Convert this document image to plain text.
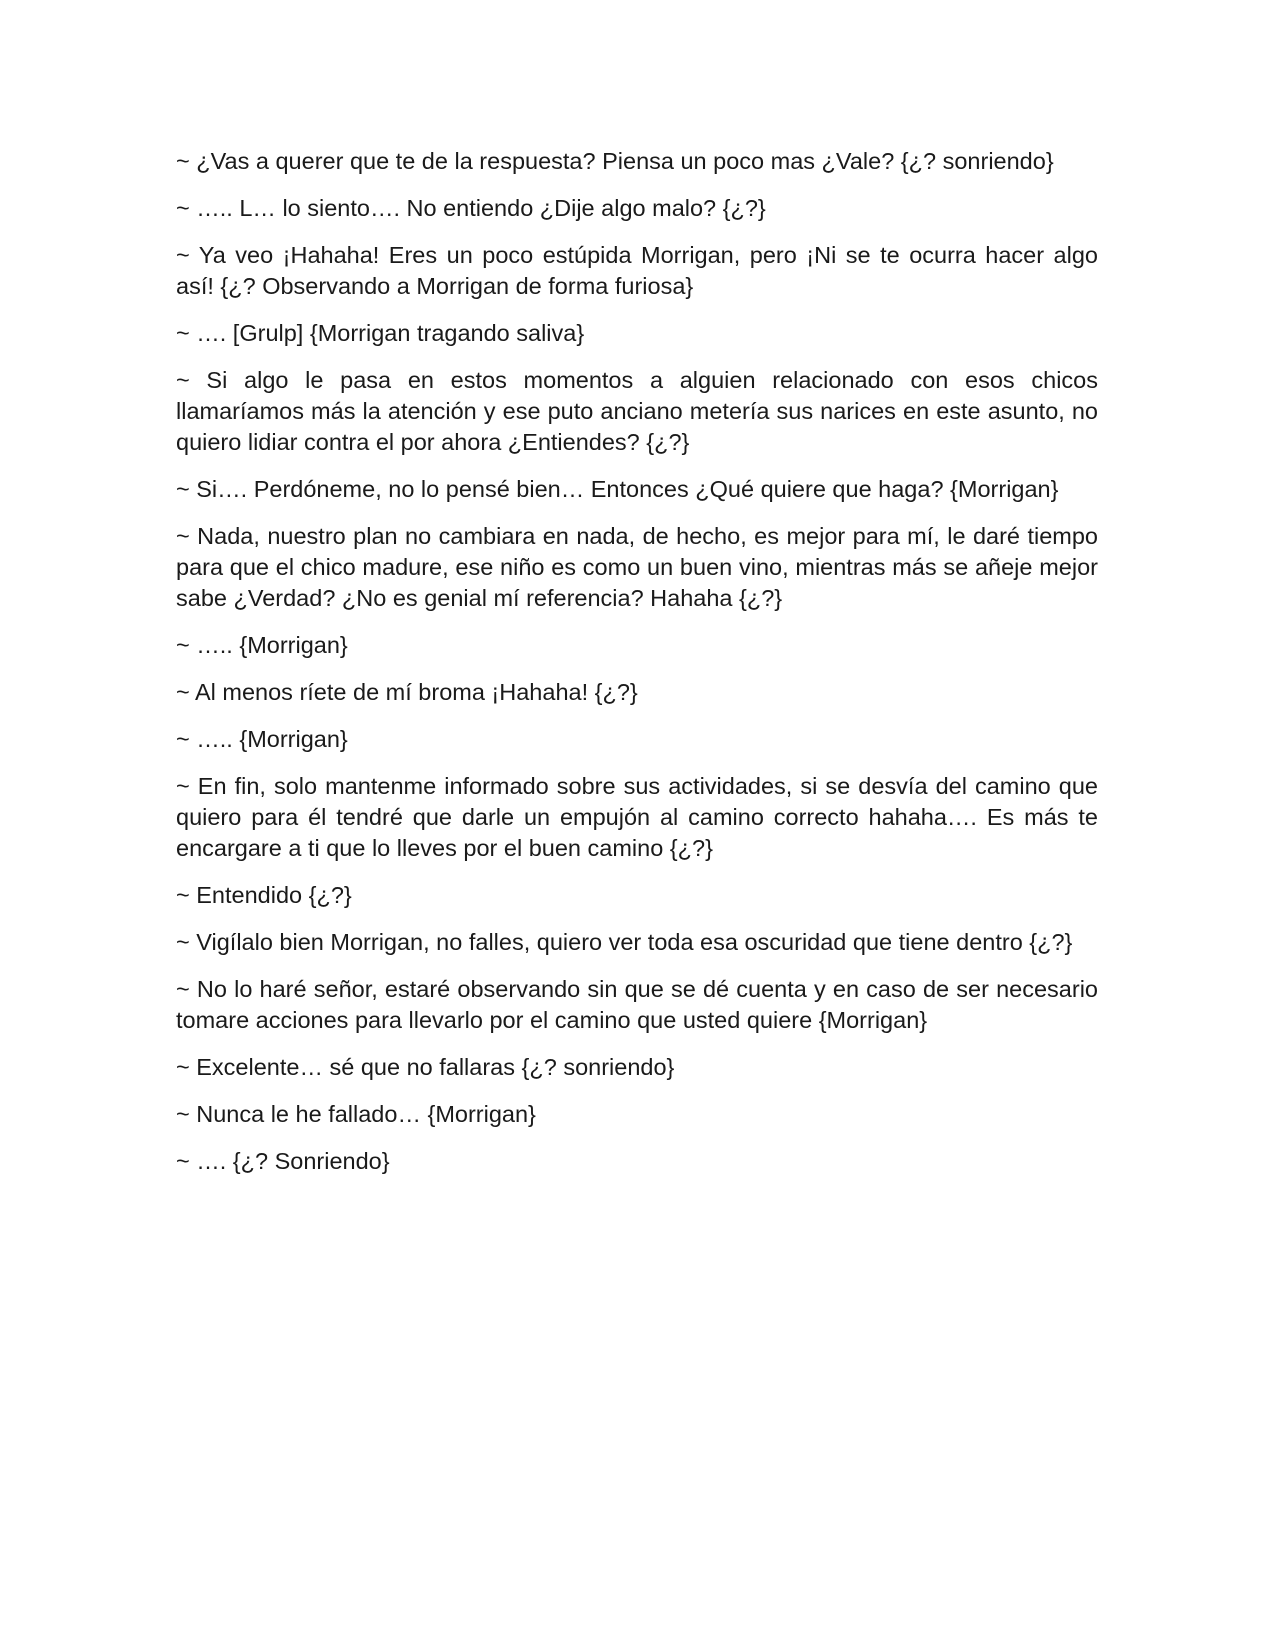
~ ¿Vas a querer que te de la respuesta? Piensa un poco mas ¿Vale? {¿? sonriendo}

~ ….. L… lo siento…. No entiendo ¿Dije algo malo? {¿?}

~ Ya veo ¡Hahaha! Eres un poco estúpida Morrigan, pero ¡Ni se te ocurra hacer algo así! {¿? Observando a Morrigan de forma furiosa}

~ …. [Grulp] {Morrigan tragando saliva}

~ Si algo le pasa en estos momentos a alguien relacionado con esos chicos llamaríamos más la atención y ese puto anciano metería sus narices en este asunto, no quiero lidiar contra el por ahora ¿Entiendes? {¿?}

~ Si…. Perdóneme, no lo pensé bien… Entonces ¿Qué quiere que haga? {Morrigan}

~ Nada, nuestro plan no cambiara en nada, de hecho, es mejor para mí, le daré tiempo para que el chico madure, ese niño es como un buen vino, mientras más se añeje mejor sabe ¿Verdad? ¿No es genial mí referencia? Hahaha {¿?}

~ ….. {Morrigan}

~ Al menos ríete de mí broma ¡Hahaha! {¿?}

~ ….. {Morrigan}

~ En fin, solo mantenme informado sobre sus actividades, si se desvía del camino que quiero para él tendré que darle un empujón al camino correcto hahaha…. Es más te encargare a ti que lo lleves por el buen camino {¿?}

~ Entendido {¿?}

~ Vigílalo bien Morrigan, no falles, quiero ver toda esa oscuridad que tiene dentro {¿?}

~ No lo haré señor, estaré observando sin que se dé cuenta y en caso de ser necesario tomare acciones para llevarlo por el camino que usted quiere {Morrigan}

~ Excelente… sé que no fallaras {¿? sonriendo}

~ Nunca le he fallado… {Morrigan}

~ …. {¿? Sonriendo}
